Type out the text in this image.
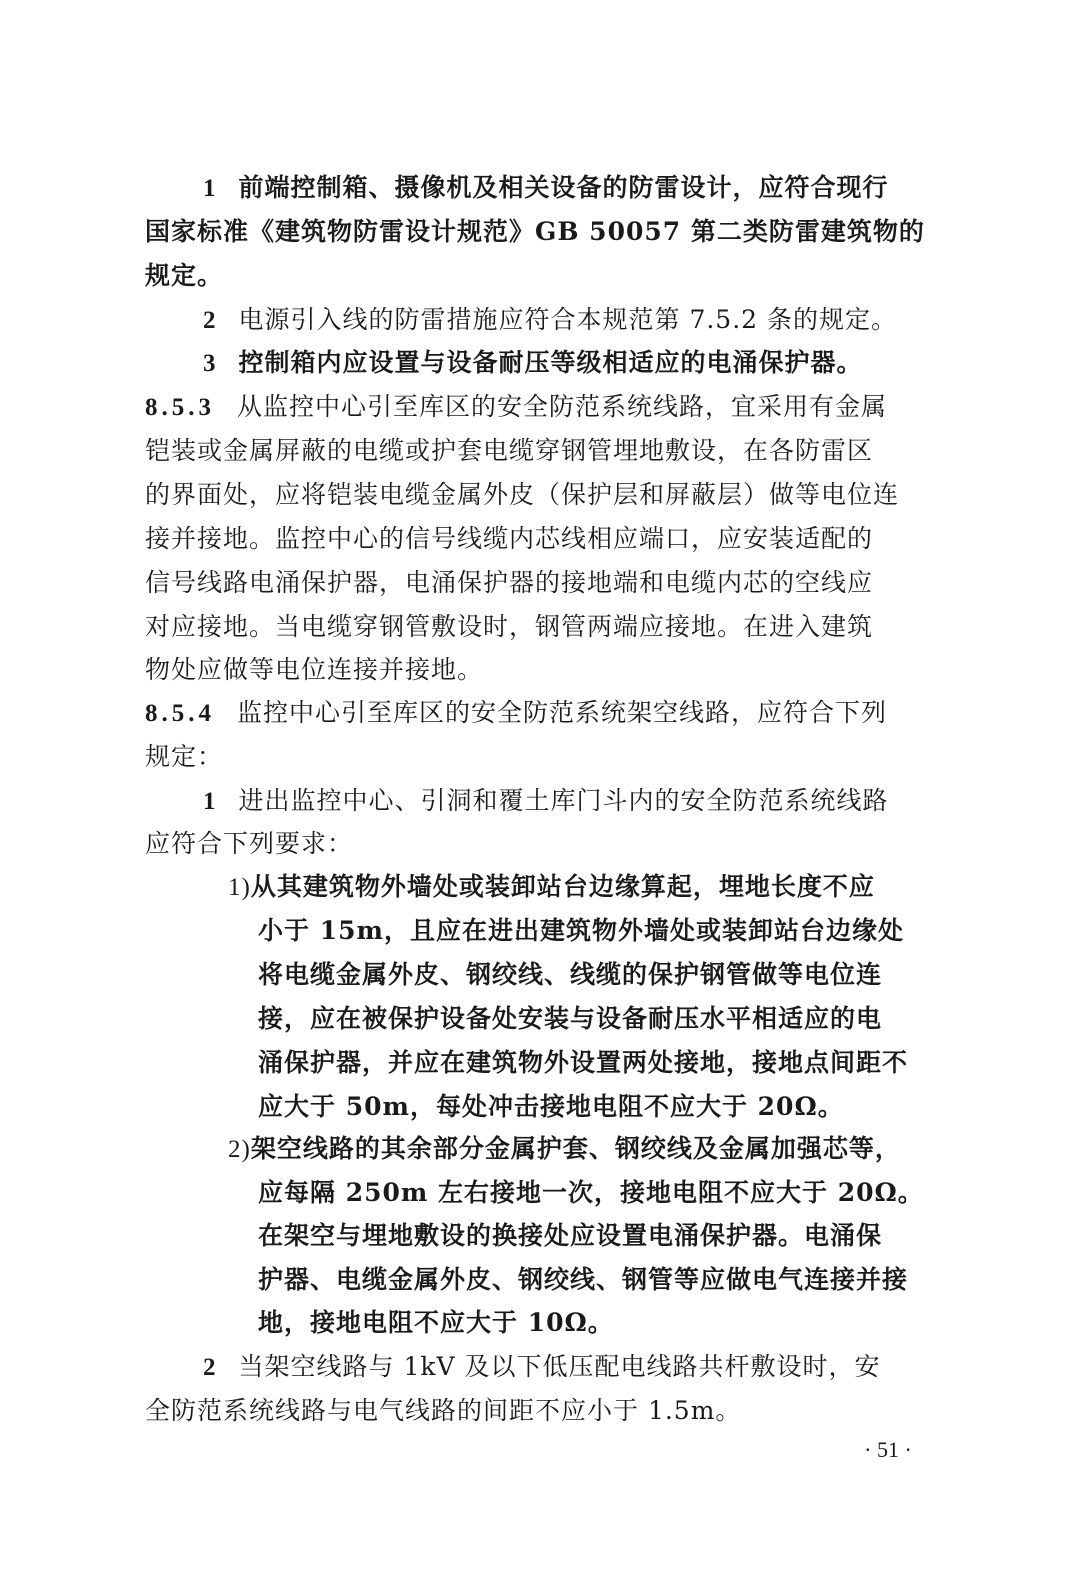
1 前端控制箱、摄像机及相关设备的防雷设计，应符合现行
国家标准《建筑物防雷设计规范》GB 50057 第二类防雷建筑物的
规定。
2 电源引入线的防雷措施应符合本规范第 7.5.2 条的规定。
3 控制箱内应设置与设备耐压等级相适应的电涌保护器。
8.5.3 从监控中心引至库区的安全防范系统线路，宜采用有金属
铠装或金属屏蔽的电缆或护套电缆穿钢管埋地敷设，在各防雷区
的界面处，应将铠装电缆金属外皮（保护层和屏蔽层）做等电位连
接并接地。监控中心的信号线缆内芯线相应端口，应安装适配的
信号线路电涌保护器，电涌保护器的接地端和电缆内芯的空线应
对应接地。当电缆穿钢管敷设时，钢管两端应接地。在进入建筑
物处应做等电位连接并接地。
8.5.4 监控中心引至库区的安全防范系统架空线路，应符合下列
规定：
1 进出监控中心、引洞和覆土库门斗内的安全防范系统线路
应符合下列要求：
1)从其建筑物外墙处或装卸站台边缘算起，埋地长度不应
小于 15m，且应在进出建筑物外墙处或装卸站台边缘处
将电缆金属外皮、钢绞线、线缆的保护钢管做等电位连
接，应在被保护设备处安装与设备耐压水平相适应的电
涌保护器，并应在建筑物外设置两处接地，接地点间距不
应大于 50m，每处冲击接地电阻不应大于 20Ω。
2)架空线路的其余部分金属护套、钢绞线及金属加强芯等，
应每隔 250m 左右接地一次，接地电阻不应大于 20Ω。
在架空与埋地敷设的换接处应设置电涌保护器。电涌保
护器、电缆金属外皮、钢绞线、钢管等应做电气连接并接
地，接地电阻不应大于 10Ω。
2 当架空线路与 1kV 及以下低压配电线路共杆敷设时，安
全防范系统线路与电气线路的间距不应小于 1.5m。
· 51 ·
